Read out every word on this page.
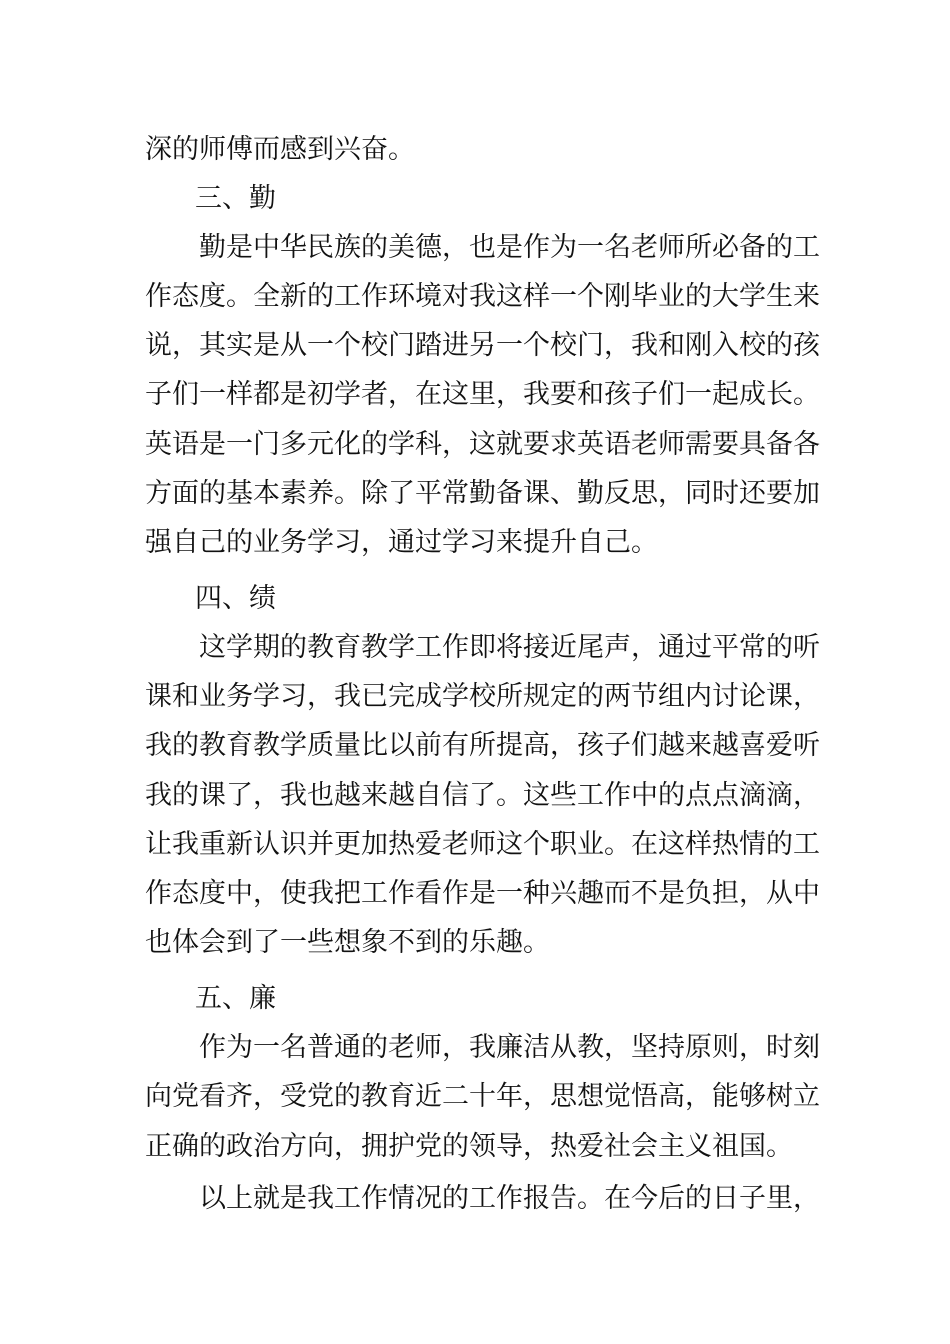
深的师傅而感到兴奋。

三、勤

勤是中华民族的美德，也是作为一名老师所必备的工

作态度。全新的工作环境对我这样一个刚毕业的大学生来

说，其实是从一个校门踏进另一个校门，我和刚入校的孩

子们一样都是初学者，在这里，我要和孩子们一起成长。

英语是一门多元化的学科，这就要求英语老师需要具备各

方面的基本素养。除了平常勤备课、勤反思，同时还要加

强自己的业务学习，通过学习来提升自己。

四、绩

这学期的教育教学工作即将接近尾声，通过平常的听

课和业务学习，我已完成学校所规定的两节组内讨论课，

我的教育教学质量比以前有所提高，孩子们越来越喜爱听

我的课了，我也越来越自信了。这些工作中的点点滴滴，

让我重新认识并更加热爱老师这个职业。在这样热情的工

作态度中，使我把工作看作是一种兴趣而不是负担，从中

也体会到了一些想象不到的乐趣。

五、廉

作为一名普通的老师，我廉洁从教，坚持原则，时刻

向党看齐，受党的教育近二十年，思想觉悟高，能够树立

正确的政治方向，拥护党的领导，热爱社会主义祖国。

以上就是我工作情况的工作报告。在今后的日子里，
